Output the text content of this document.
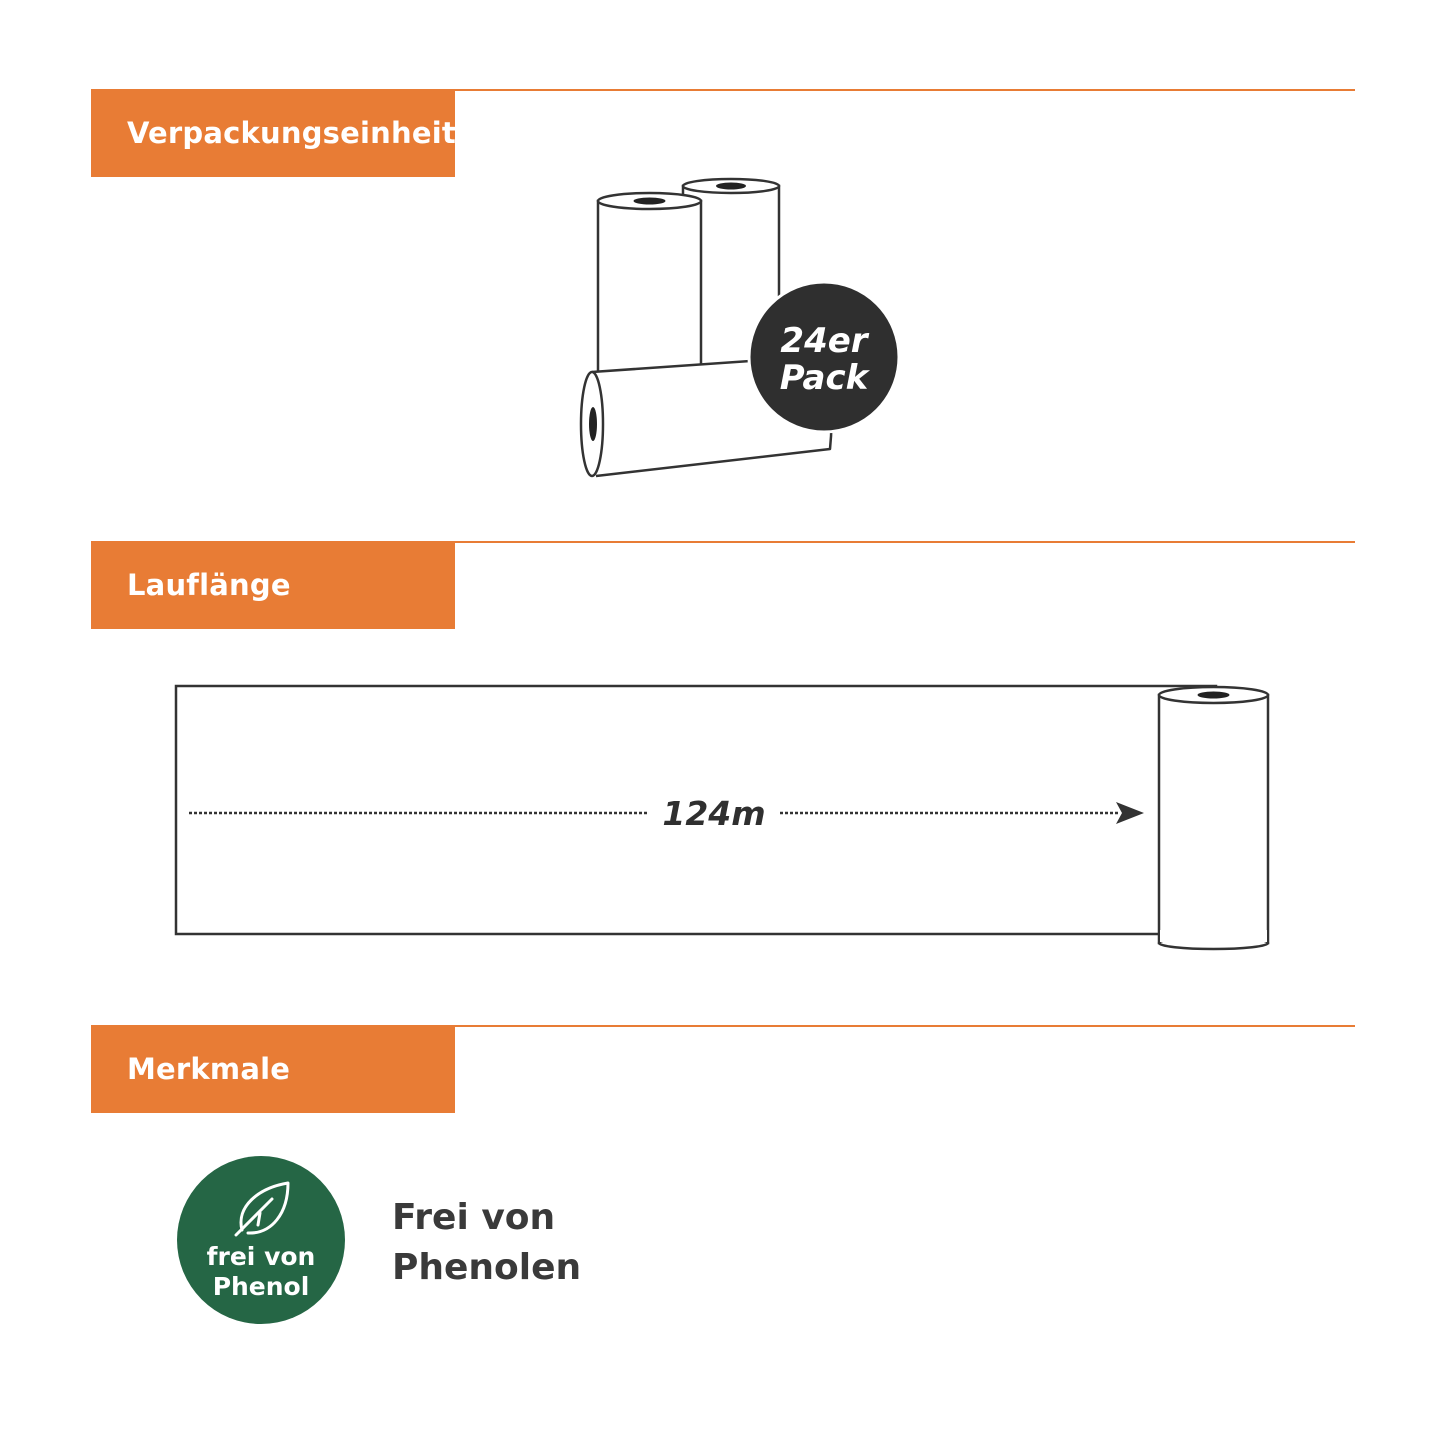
Verpackungseinheit
24er
Pack
Lauflänge
124m
Merkmale
frei von
Phenol
Frei von
Phenolen
